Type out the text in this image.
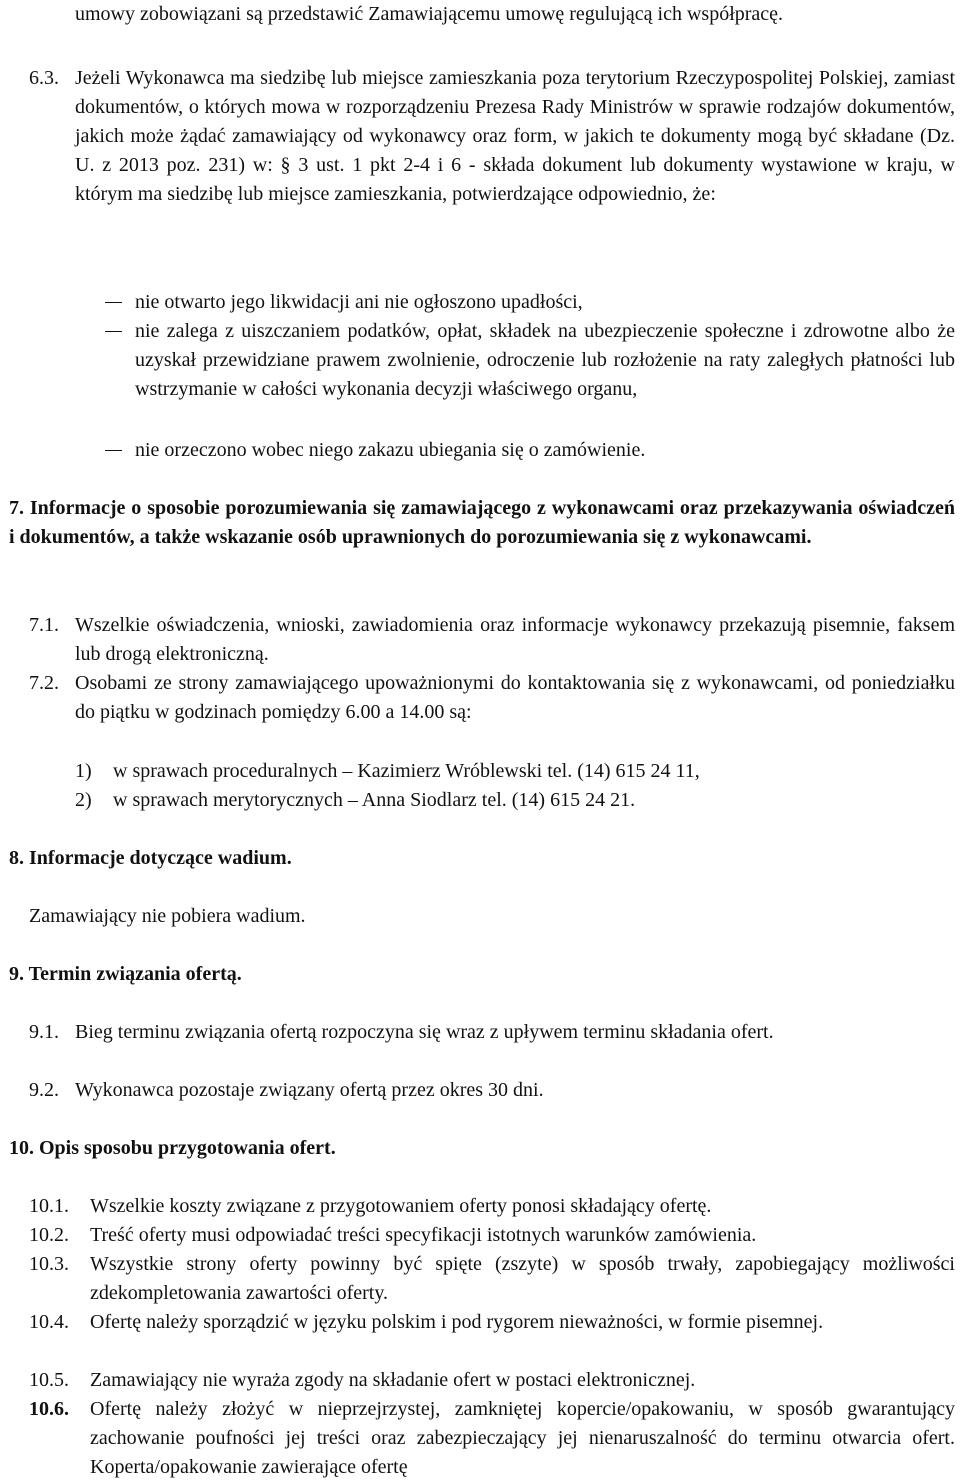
umowy zobowiązani są przedstawić Zamawiającemu umowę regulującą ich współpracę.

6.3. Jeżeli Wykonawca ma siedzibę lub miejsce zamieszkania poza terytorium Rzeczypospolitej Polskiej, zamiast dokumentów, o których mowa w rozporządzeniu Prezesa Rady Ministrów w sprawie rodzajów dokumentów, jakich może żądać zamawiający od wykonawcy oraz form, w jakich te dokumenty mogą być składane (Dz. U. z 2013 poz. 231) w: § 3 ust. 1 pkt 2-4 i 6 - składa dokument lub dokumenty wystawione w kraju, w którym ma siedzibę lub miejsce zamieszkania, potwierdzające odpowiednio, że:

nie otwarto jego likwidacji ani nie ogłoszono upadłości,
nie zalega z uiszczaniem podatków, opłat, składek na ubezpieczenie społeczne i zdrowotne albo że uzyskał przewidziane prawem zwolnienie, odroczenie lub rozłożenie na raty zaległych płatności lub wstrzymanie w całości wykonania decyzji właściwego organu,
nie orzeczono wobec niego zakazu ubiegania się o zamówienie.

7. Informacje o sposobie porozumiewania się zamawiającego z wykonawcami oraz przekazywania oświadczeń i dokumentów, a także wskazanie osób uprawnionych do porozumiewania się z wykonawcami.

7.1. Wszelkie oświadczenia, wnioski, zawiadomienia oraz informacje wykonawcy przekazują pisemnie, faksem lub drogą elektroniczną.

7.2. Osobami ze strony zamawiającego upoważnionymi do kontaktowania się z wykonawcami, od poniedziałku do piątku w godzinach pomiędzy 6.00 a 14.00 są:

1) w sprawach proceduralnych – Kazimierz Wróblewski tel. (14) 615 24 11,
2) w sprawach merytorycznych – Anna Siodlarz tel. (14) 615 24 21.

8. Informacje dotyczące wadium.

Zamawiający nie pobiera wadium.

9. Termin związania ofertą.

9.1. Bieg terminu związania ofertą rozpoczyna się wraz z upływem terminu składania ofert.

9.2. Wykonawca pozostaje związany ofertą przez okres 30 dni.

10. Opis sposobu przygotowania ofert.

10.1. Wszelkie koszty związane z przygotowaniem oferty ponosi składający ofertę.

10.2. Treść oferty musi odpowiadać treści specyfikacji istotnych warunków zamówienia.

10.3. Wszystkie strony oferty powinny być spięte (zszyte) w sposób trwały, zapobiegający możliwości zdekompletowania zawartości oferty.

10.4. Ofertę należy sporządzić w języku polskim i pod rygorem nieważności, w formie pisemnej.

10.5. Zamawiający nie wyraża zgody na składanie ofert w postaci elektronicznej.

10.6. Ofertę należy złożyć w nieprzejrzystej, zamkniętej kopercie/opakowaniu, w sposób gwarantujący zachowanie poufności jej treści oraz zabezpieczający jej nienaruszalność do terminu otwarcia ofert. Koperta/opakowanie zawierające ofertę
